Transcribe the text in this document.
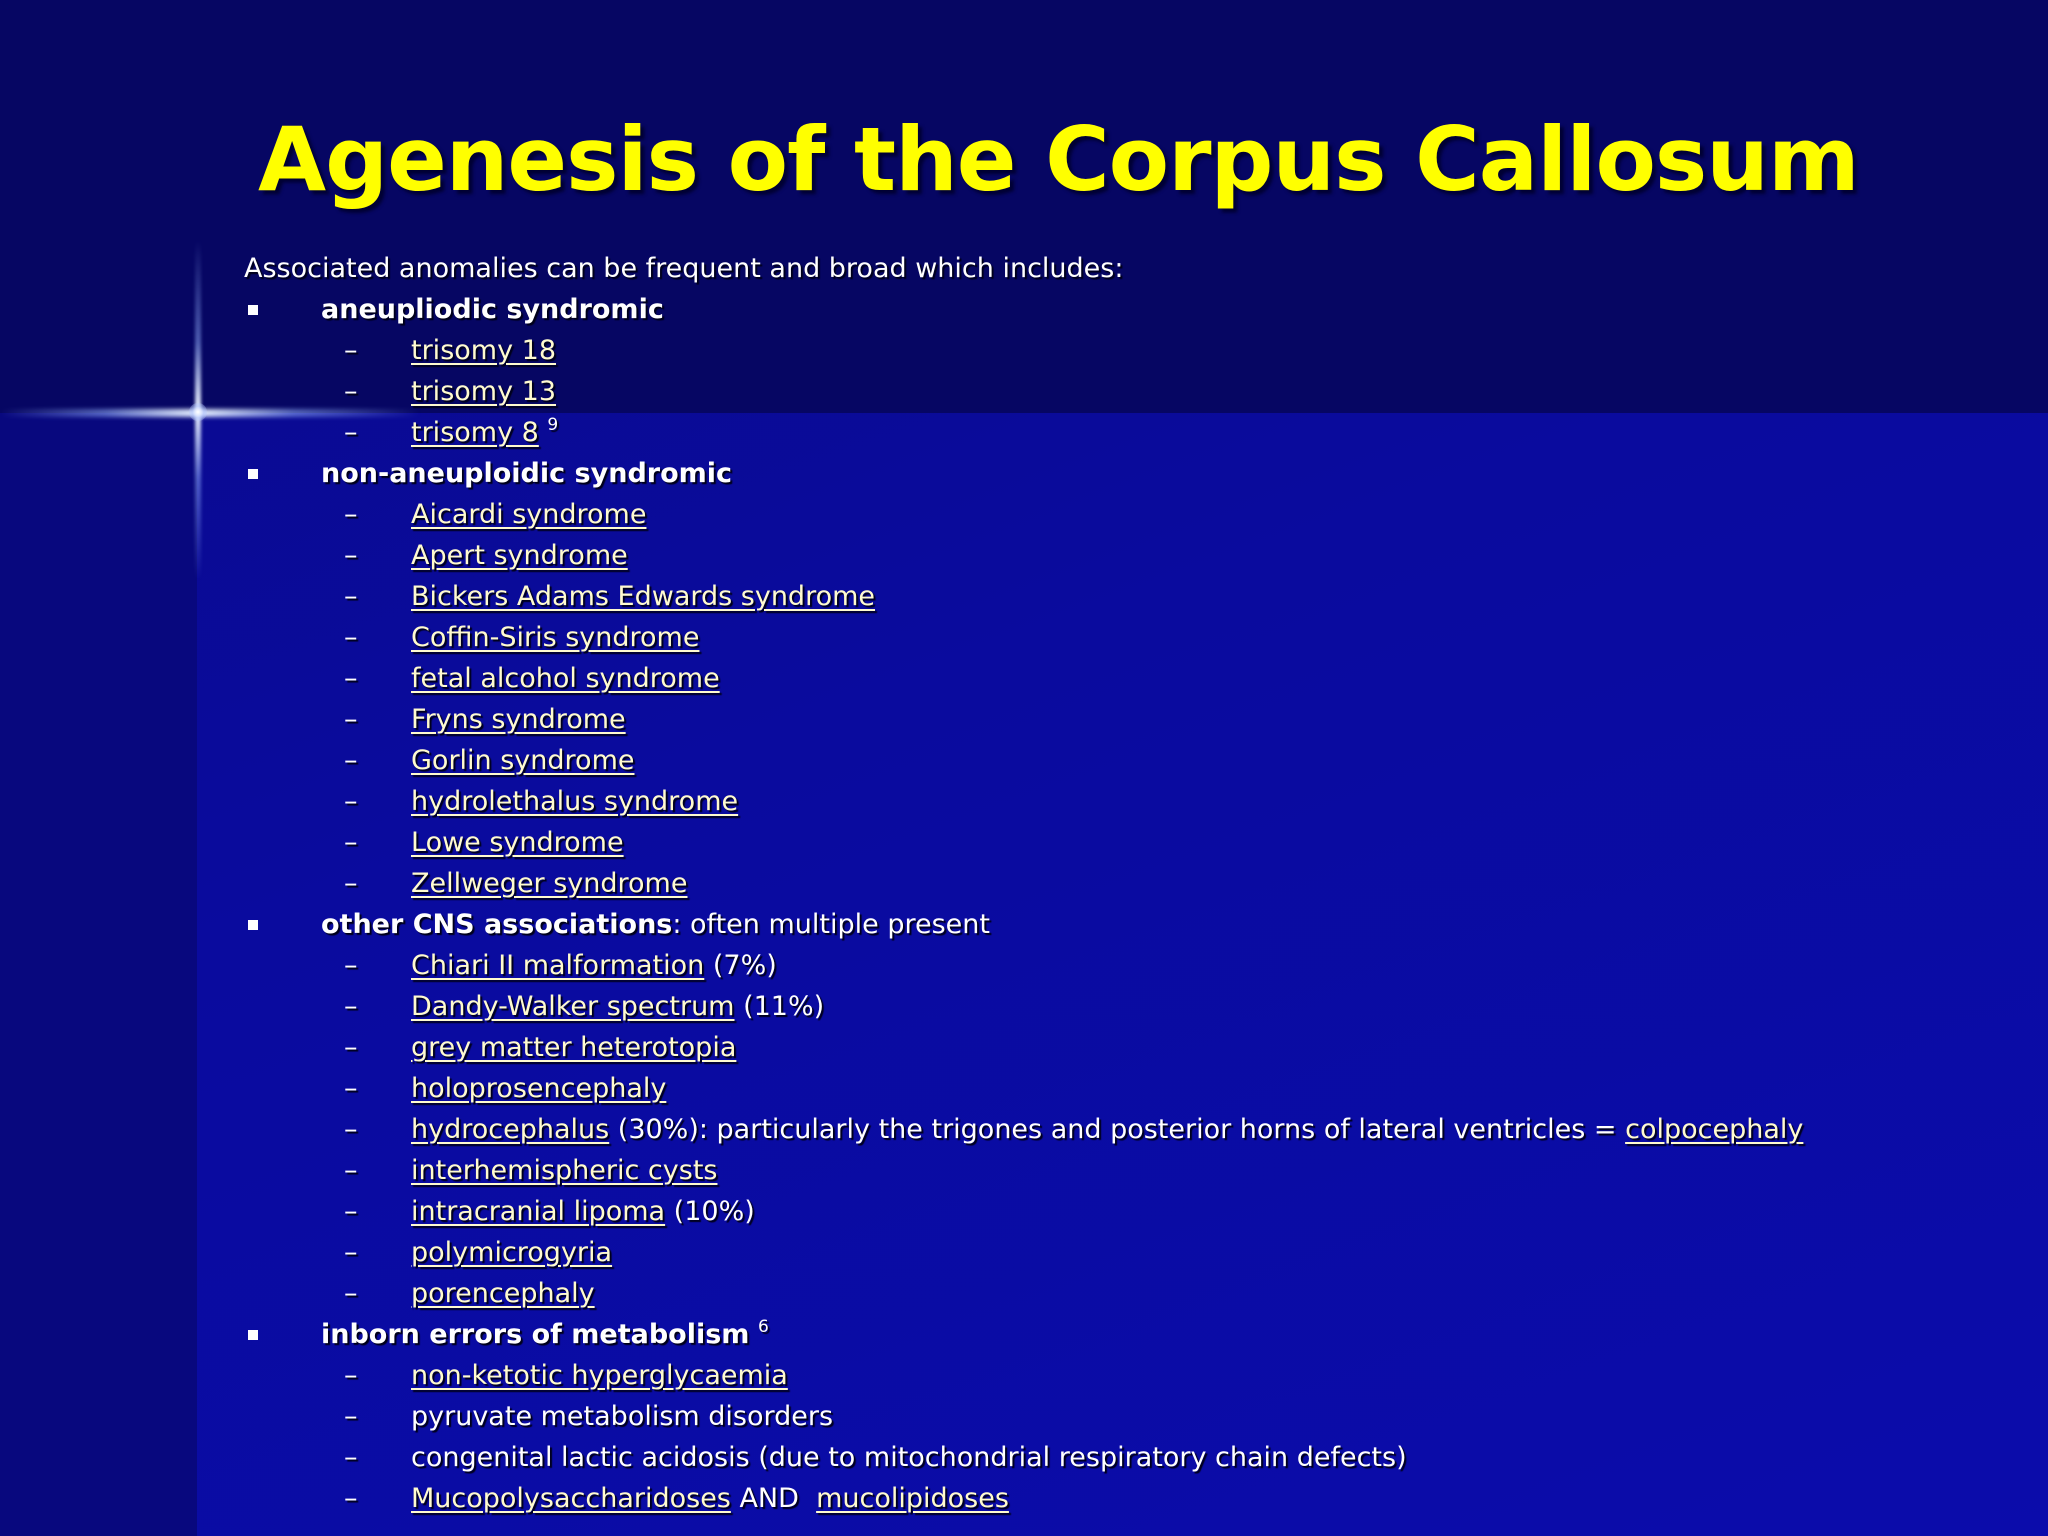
Agenesis of the Corpus Callosum
Associated anomalies can be frequent and broad which includes:
aneupliodic syndromic
– trisomy 18
– trisomy 13
– trisomy 8 $^9$
non-aneuploidic syndromic
– Aicardi syndrome
– Apert syndrome
– Bickers Adams Edwards syndrome
– Coffin-Siris syndrome
– fetal alcohol syndrome
– Fryns syndrome
– Gorlin syndrome
– hydrolethalus syndrome
– Lowe syndrome
– Zellweger syndrome
other CNS associations: often multiple present
– Chiari II malformation (7%)
– Dandy-Walker spectrum (11%)
– grey matter heterotopia
– holoprosencephaly
– hydrocephalus (30%): particularly the trigones and posterior horns of lateral ventricles = colpocephaly
– interhemispheric cysts
– intracranial lipoma (10%)
– polymicrogyria
– porencephaly
inborn errors of metabolism $^6$
– non-ketotic hyperglycaemia
– pyruvate metabolism disorders
– congenital lactic acidosis (due to mitochondrial respiratory chain defects)
– Mucopolysaccharidoses AND  mucolipidoses
